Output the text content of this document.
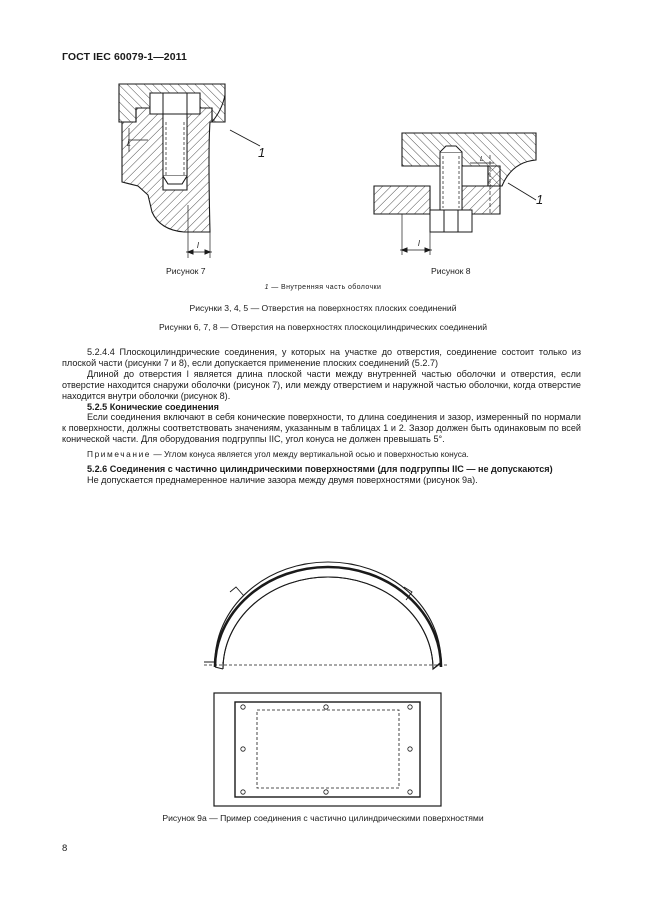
ГОСТ IEC 60079-1—2011
1
L
l
1
L
l
Рисунок 7	Рисунок 8
1 — Внутренняя часть оболочки
Рисунки 3, 4, 5 — Отверстия на поверхностях плоских соединений
Рисунки 6, 7, 8 — Отверстия на поверхностях плоскоцилиндрических соединений

5.2.4.4 Плоскоцилиндрические соединения, у которых на участке до отверстия, соединение состоит только из плоской части (рисунки 7 и 8), если допускается применение плоских соединений (5.2.7)

Длиной до отверстия l является длина плоской части между внутренней частью оболочки и отверстия, если отверстие находится снаружи оболочки (рисунок 7), или между отверстием и наружной частью оболочки, когда отверстие находится внутри оболочки (рисунок 8).

5.2.5 Конические соединения

Если соединения включают в себя конические поверхности, то длина соединения и зазор, измеренный по нормали к поверхности, должны соответствовать значениям, указанным в таблицах 1 и 2. Зазор должен быть одинаковым по всей конической части. Для оборудования подгруппы IIC, угол конуса не должен превышать 5°.

Примечание — Углом конуса является угол между вертикальной осью и поверхностью конуса.

5.2.6 Соединения с частично цилиндрическими поверхностями (для подгруппы IIC — не допускаются)

Не допускается преднамеренное наличие зазора между двумя поверхностями (рисунок 9а).

Рисунок 9а — Пример соединения с частично цилиндрическими поверхностями
8
